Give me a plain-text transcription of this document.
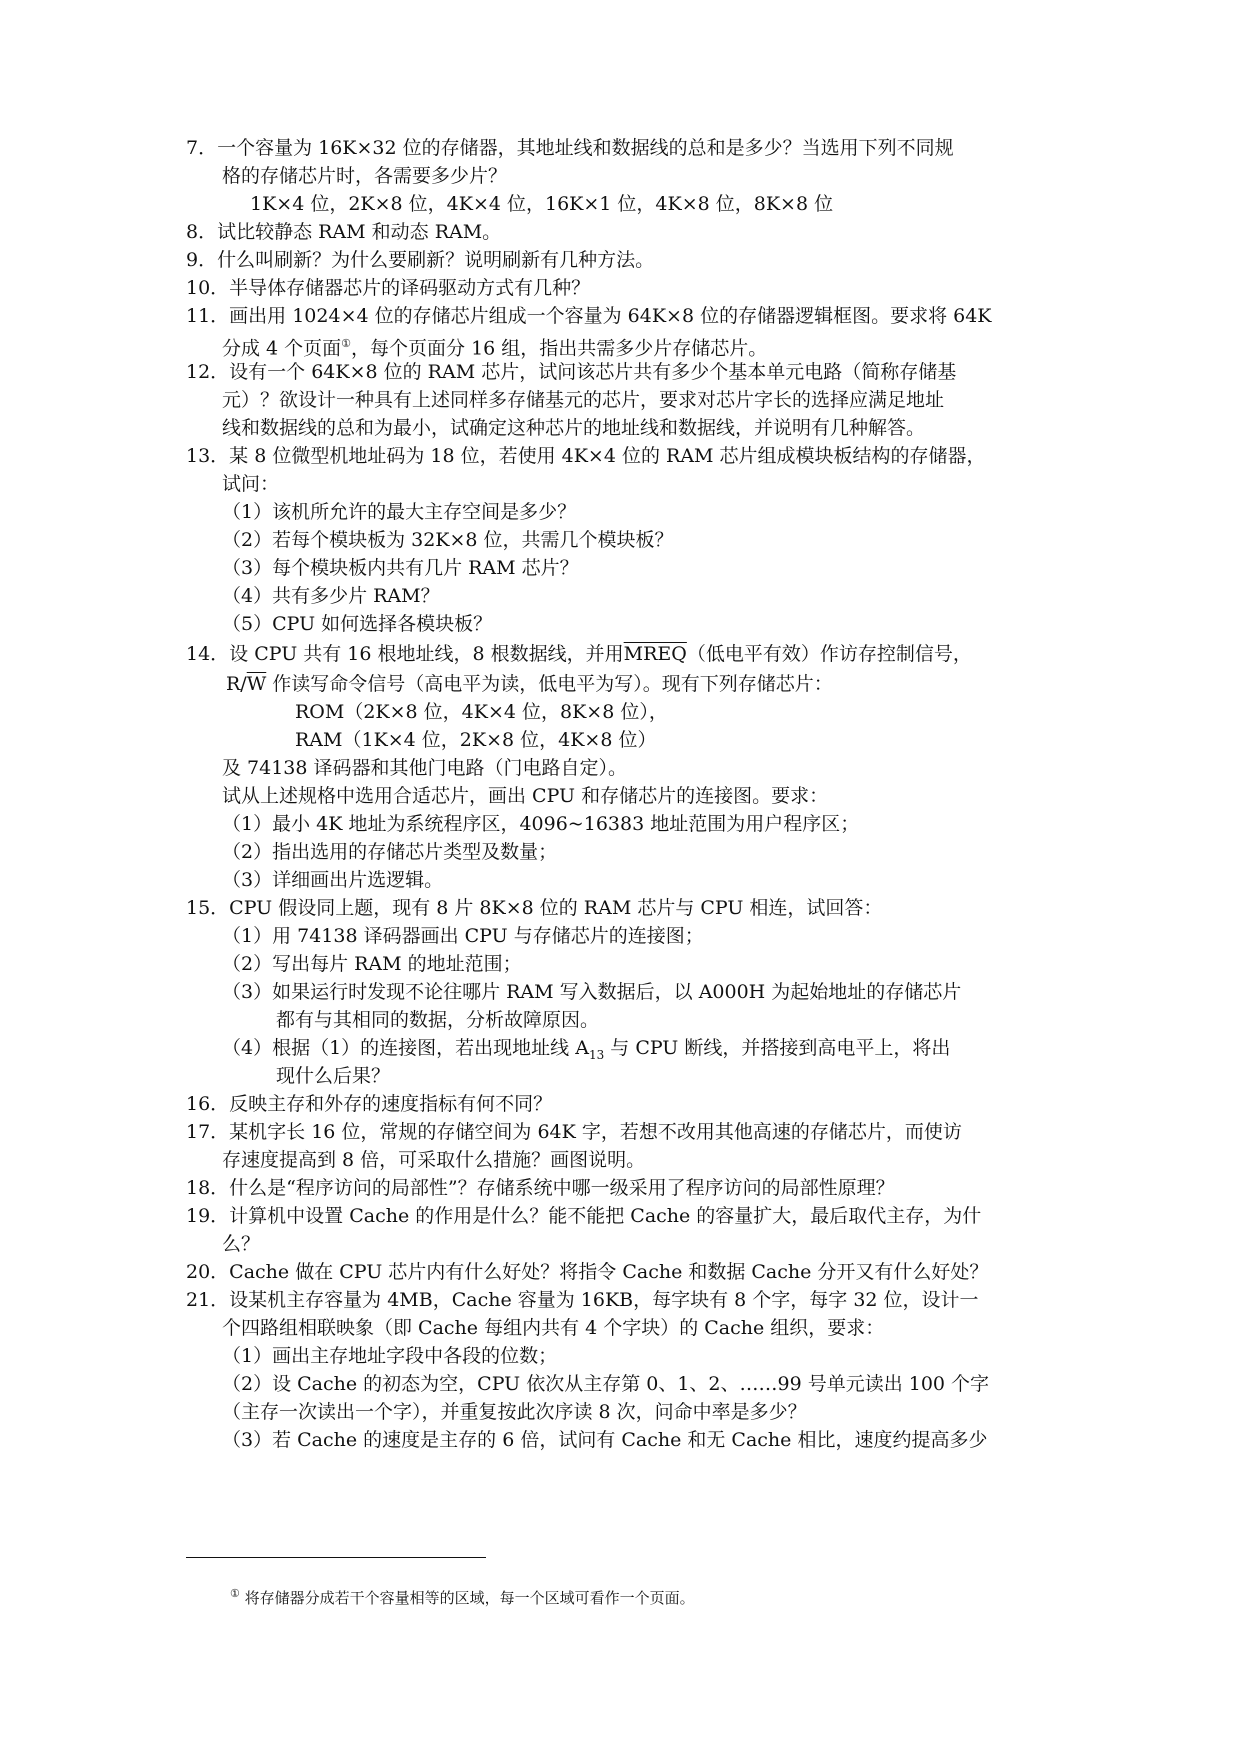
7．一个容量为 16K×32 位的存储器，其地址线和数据线的总和是多少？当选用下列不同规
格的存储芯片时，各需要多少片？
1K×4 位，2K×8 位，4K×4 位，16K×1 位，4K×8 位，8K×8 位
8．试比较静态 RAM 和动态 RAM。
9．什么叫刷新？为什么要刷新？说明刷新有几种方法。
10．半导体存储器芯片的译码驱动方式有几种？
11．画出用 1024×4 位的存储芯片组成一个容量为 64K×8 位的存储器逻辑框图。要求将 64K
分成 4 个页面①，每个页面分 16 组，指出共需多少片存储芯片。
12．设有一个 64K×8 位的 RAM 芯片，试问该芯片共有多少个基本单元电路（简称存储基
元）？欲设计一种具有上述同样多存储基元的芯片，要求对芯片字长的选择应满足地址
线和数据线的总和为最小，试确定这种芯片的地址线和数据线，并说明有几种解答。
13．某 8 位微型机地址码为 18 位，若使用 4K×4 位的 RAM 芯片组成模块板结构的存储器，
试问：
（1）该机所允许的最大主存空间是多少？
（2）若每个模块板为 32K×8 位，共需几个模块板？
（3）每个模块板内共有几片 RAM 芯片？
（4）共有多少片 RAM？
（5）CPU 如何选择各模块板？
14．设 CPU 共有 16 根地址线，8 根数据线，并用MREQ（低电平有效）作访存控制信号，
$R/\overline{W}$ 作读写命令信号（高电平为读，低电平为写）。现有下列存储芯片：
ROM（2K×8 位，4K×4 位，8K×8 位），
RAM（1K×4 位，2K×8 位，4K×8 位）
及 74138 译码器和其他门电路（门电路自定）。
试从上述规格中选用合适芯片，画出 CPU 和存储芯片的连接图。要求：
（1）最小 4K 地址为系统程序区，4096~16383 地址范围为用户程序区；
（2）指出选用的存储芯片类型及数量；
（3）详细画出片选逻辑。
15．CPU 假设同上题，现有 8 片 8K×8 位的 RAM 芯片与 CPU 相连，试回答：
（1）用 74138 译码器画出 CPU 与存储芯片的连接图；
（2）写出每片 RAM 的地址范围；
（3）如果运行时发现不论往哪片 RAM 写入数据后，以 A000H 为起始地址的存储芯片
都有与其相同的数据，分析故障原因。
（4）根据（1）的连接图，若出现地址线 $A_{13}$ 与 CPU 断线，并搭接到高电平上，将出
现什么后果？
16．反映主存和外存的速度指标有何不同？
17．某机字长 16 位，常规的存储空间为 64K 字，若想不改用其他高速的存储芯片，而使访
存速度提高到 8 倍，可采取什么措施？画图说明。
18．什么是“程序访问的局部性”？存储系统中哪一级采用了程序访问的局部性原理？
19．计算机中设置 Cache 的作用是什么？能不能把 Cache 的容量扩大，最后取代主存，为什
么？
20．Cache 做在 CPU 芯片内有什么好处？将指令 Cache 和数据 Cache 分开又有什么好处？
21．设某机主存容量为 4MB，Cache 容量为 16KB，每字块有 8 个字，每字 32 位，设计一
个四路组相联映象（即 Cache 每组内共有 4 个字块）的 Cache 组织，要求：
（1）画出主存地址字段中各段的位数；
（2）设 Cache 的初态为空，CPU 依次从主存第 0、1、2、……99 号单元读出 100 个字
（主存一次读出一个字），并重复按此次序读 8 次，问命中率是多少？
（3）若 Cache 的速度是主存的 6 倍，试问有 Cache 和无 Cache 相比，速度约提高多少
① 将存储器分成若干个容量相等的区域，每一个区域可看作一个页面。
